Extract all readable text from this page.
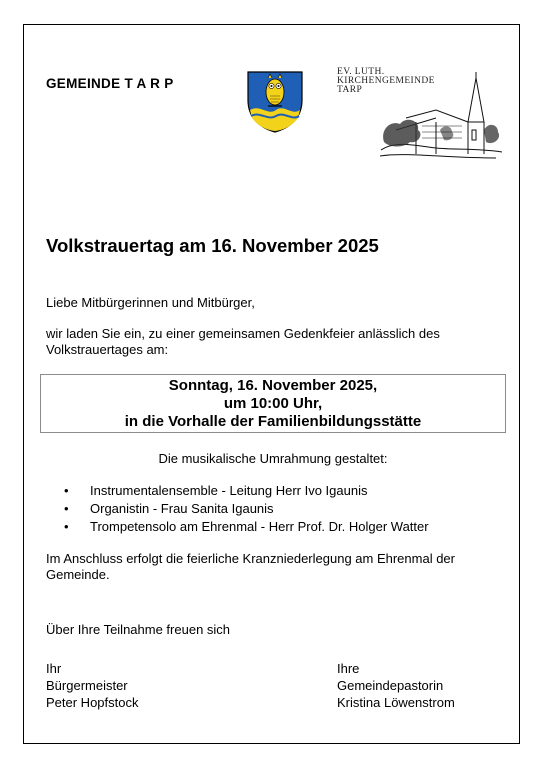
GEMEINDE T A R P
EV. LUTH.
KIRCHENGEMEINDE
TARP
Volkstrauertag am 16. November 2025
Liebe Mitbürgerinnen und Mitbürger,
wir laden Sie ein, zu einer gemeinsamen Gedenkfeier anlässlich des Volkstrauertages am:
Sonntag, 16. November 2025,
um 10:00 Uhr,
in die Vorhalle der Familienbildungsstätte
Die musikalische Umrahmung gestaltet:
• Instrumentalensemble - Leitung Herr Ivo Igaunis
• Organistin - Frau Sanita Igaunis
• Trompetensolo am Ehrenmal - Herr Prof. Dr. Holger Watter
Im Anschluss erfolgt die feierliche Kranzniederlegung am Ehrenmal der Gemeinde.
Über Ihre Teilnahme freuen sich
Ihr
Bürgermeister
Peter Hopfstock
Ihre
Gemeindepastorin
Kristina Löwenstrom
